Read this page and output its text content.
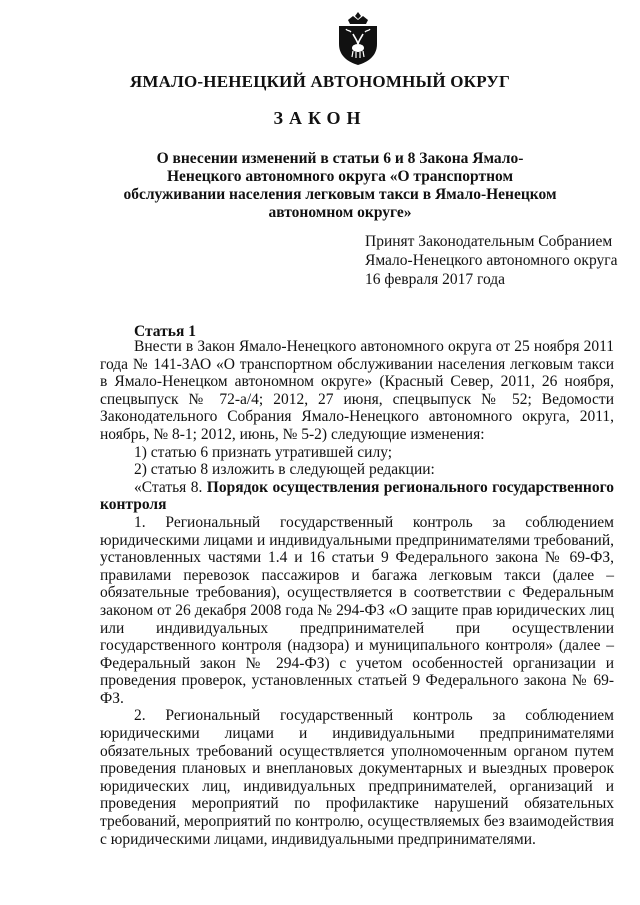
ЯМАЛО-НЕНЕЦКИЙ АВТОНОМНЫЙ ОКРУГ
ЗАКОН
О внесении изменений в статьи 6 и 8 Закона Ямало-Ненецкого автономного округа «О транспортном обслуживании населения легковым такси в Ямало-Ненецком автономном округе»
Принят Законодательным Собранием
Ямало-Ненецкого автономного округа
16 февраля 2017 года
Статья 1

Внести в Закон Ямало-Ненецкого автономного округа от 25 ноября 2011 года № 141-ЗАО «О транспортном обслуживании населения легковым такси в Ямало-Ненецком автономном округе» (Красный Север, 2011, 26 ноября, спецвыпуск № 72-а/4; 2012, 27 июня, спецвыпуск № 52; Ведомости Законодательного Собрания Ямало-Ненецкого автономного округа, 2011, ноябрь, № 8-1; 2012, июнь, № 5-2) следующие изменения:

1) статью 6 признать утратившей силу;

2) статью 8 изложить в следующей редакции:

«Статья 8. Порядок осуществления регионального государственного контроля

1. Региональный государственный контроль за соблюдением юридическими лицами и индивидуальными предпринимателями требований, установленных частями 1.4 и 16 статьи 9 Федерального закона № 69-ФЗ, правилами перевозок пассажиров и багажа легковым такси (далее – обязательные требования), осуществляется в соответствии с Федеральным законом от 26 декабря 2008 года № 294-ФЗ «О защите прав юридических лиц или индивидуальных предпринимателей при осуществлении государственного контроля (надзора) и муниципального контроля» (далее – Федеральный закон № 294-ФЗ) с учетом особенностей организации и проведения проверок, установленных статьей 9 Федерального закона № 69-ФЗ.

2. Региональный государственный контроль за соблюдением юридическими лицами и индивидуальными предпринимателями обязательных требований осуществляется уполномоченным органом путем проведения плановых и внеплановых документарных и выездных проверок юридических лиц, индивидуальных предпринимателей, организаций и проведения мероприятий по профилактике нарушений обязательных требований, мероприятий по контролю, осуществляемых без взаимодействия с юридическими лицами, индивидуальными предпринимателями.
